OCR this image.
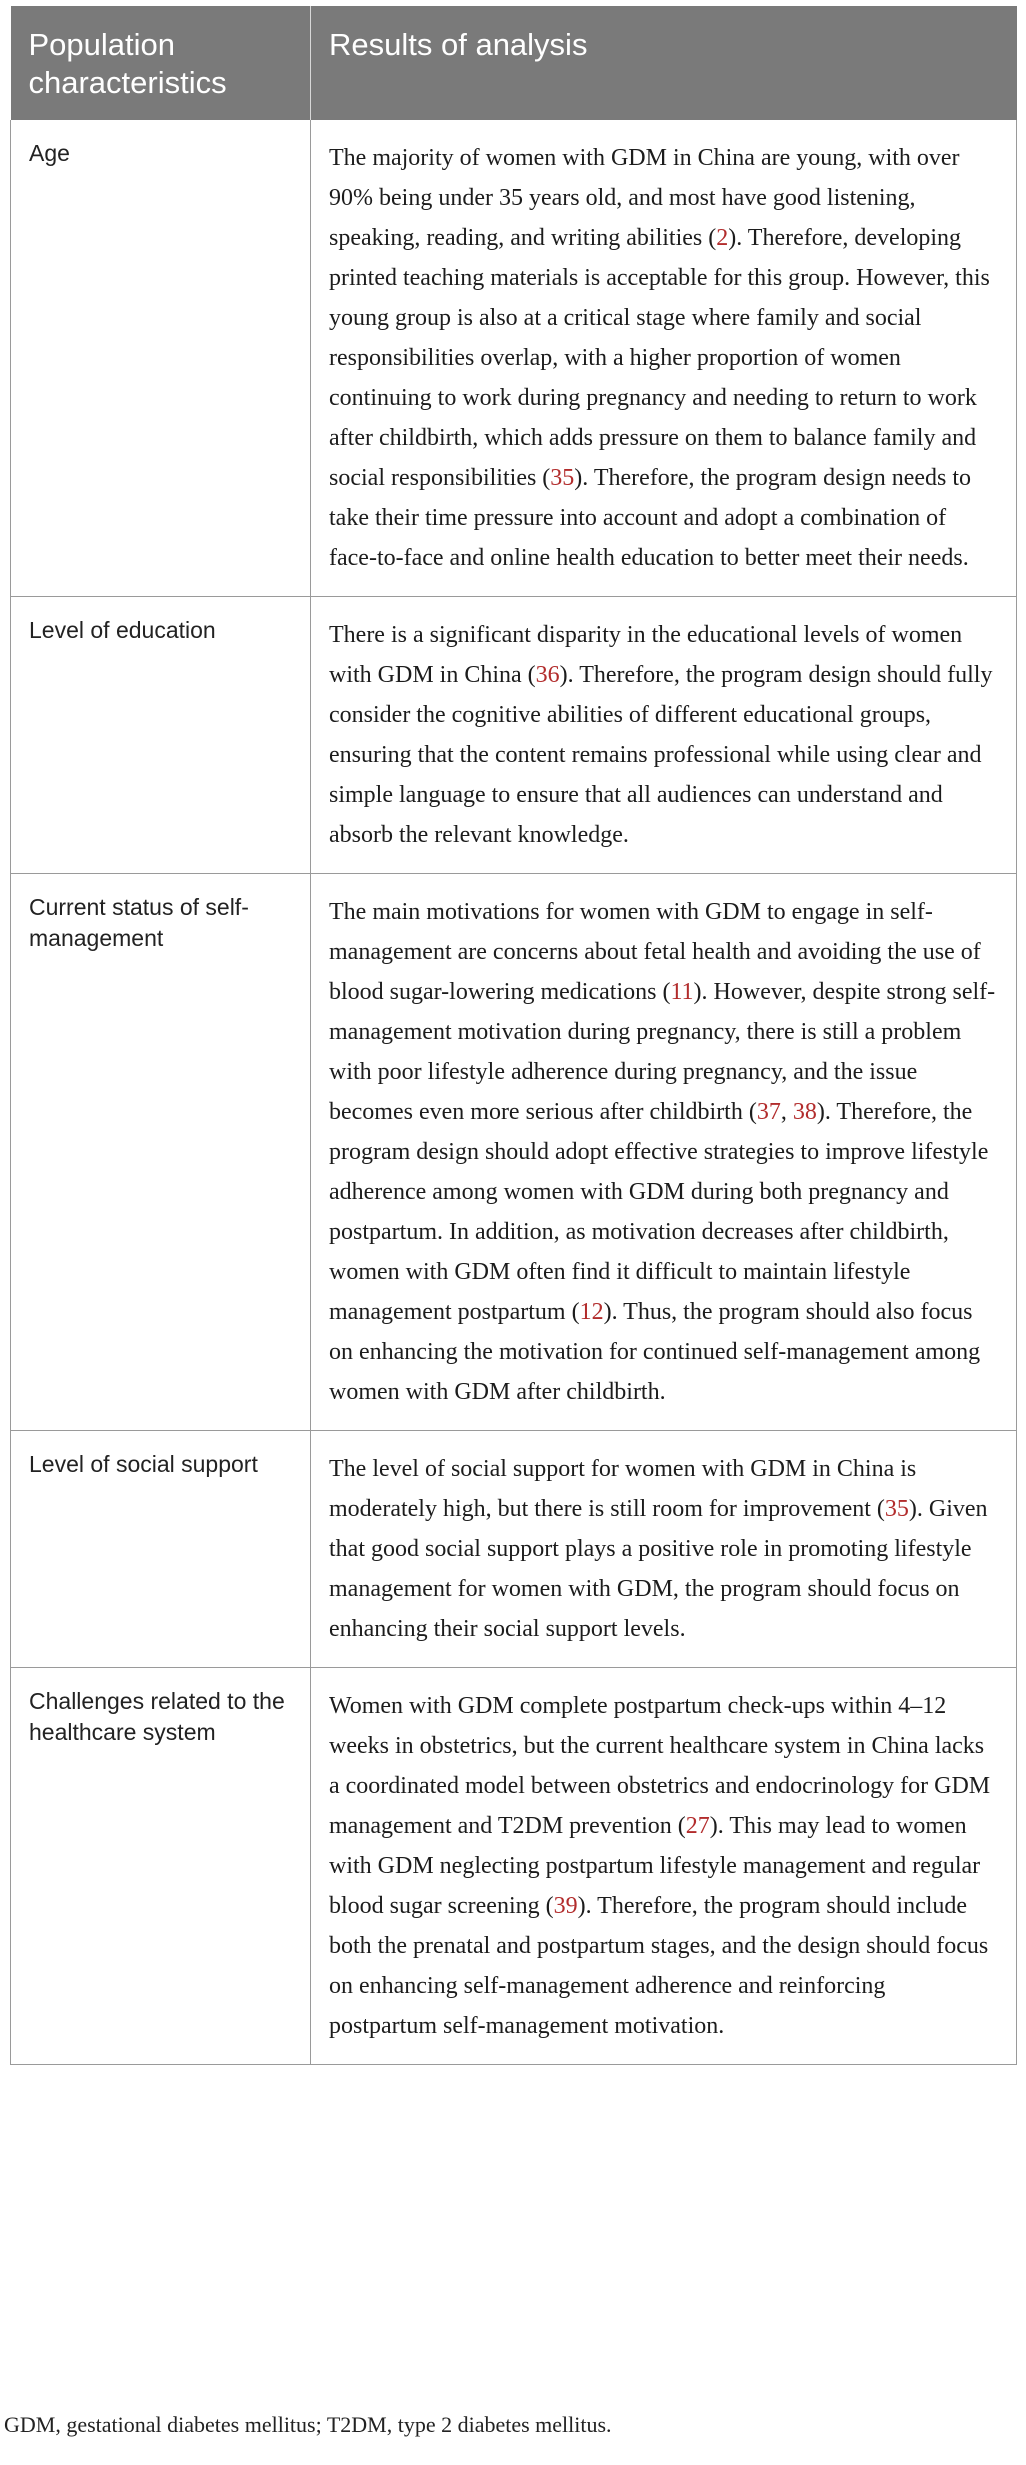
Population characteristics	Results of analysis
Age	The majority of women with GDM in China are young, with over 90% being under 35 years old, and most have good listening, speaking, reading, and writing abilities (2). Therefore, developing printed teaching materials is acceptable for this group. However, this young group is also at a critical stage where family and social responsibilities overlap, with a higher proportion of women continuing to work during pregnancy and needing to return to work after childbirth, which adds pressure on them to balance family and social responsibilities (35). Therefore, the program design needs to take their time pressure into account and adopt a combination of face-to-face and online health education to better meet their needs.
Level of education	There is a significant disparity in the educational levels of women with GDM in China (36). Therefore, the program design should fully consider the cognitive abilities of different educational groups, ensuring that the content remains professional while using clear and simple language to ensure that all audiences can understand and absorb the relevant knowledge.
Current status of self-management	The main motivations for women with GDM to engage in self-management are concerns about fetal health and avoiding the use of blood sugar-lowering medications (11). However, despite strong self-management motivation during pregnancy, there is still a problem with poor lifestyle adherence during pregnancy, and the issue becomes even more serious after childbirth (37, 38). Therefore, the program design should adopt effective strategies to improve lifestyle adherence among women with GDM during both pregnancy and postpartum. In addition, as motivation decreases after childbirth, women with GDM often find it difficult to maintain lifestyle management postpartum (12). Thus, the program should also focus on enhancing the motivation for continued self-management among women with GDM after childbirth.
Level of social support	The level of social support for women with GDM in China is moderately high, but there is still room for improvement (35). Given that good social support plays a positive role in promoting lifestyle management for women with GDM, the program should focus on enhancing their social support levels.
Challenges related to the healthcare system	Women with GDM complete postpartum check-ups within 4–12 weeks in obstetrics, but the current healthcare system in China lacks a coordinated model between obstetrics and endocrinology for GDM management and T2DM prevention (27). This may lead to women with GDM neglecting postpartum lifestyle management and regular blood sugar screening (39). Therefore, the program should include both the prenatal and postpartum stages, and the design should focus on enhancing self-management adherence and reinforcing postpartum self-management motivation.
GDM, gestational diabetes mellitus; T2DM, type 2 diabetes mellitus.
